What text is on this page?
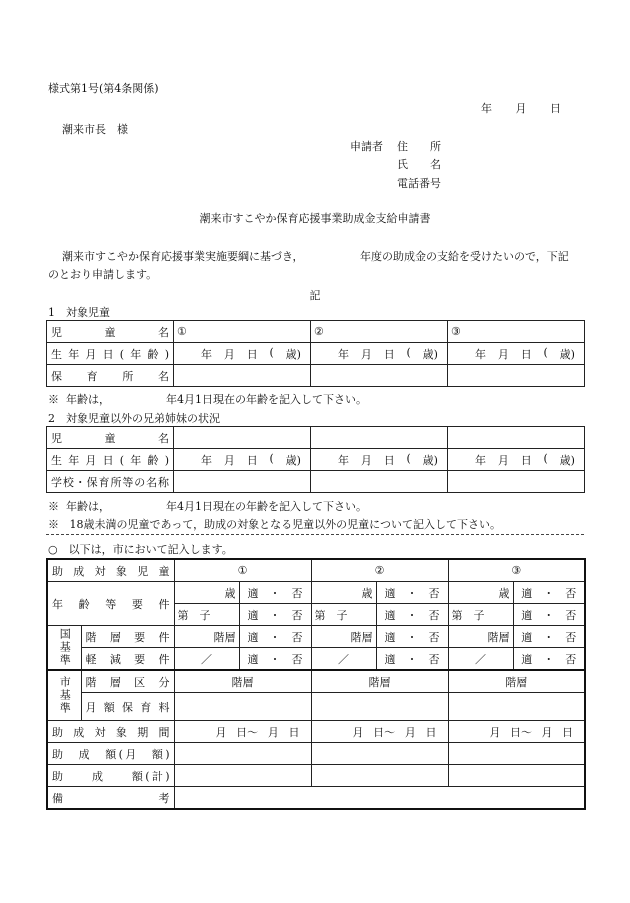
様式第1号(第4条関係)
年 月 日
潮来市長　様
申請者 住　　所
氏　　名
電話番号
潮来市すこやか保育応援事業助成金支給申請書
潮来市すこやか保育応援事業実施要綱に基づき，	年度の助成金の支給を受けたいので，下記
のとおり申請します。
記
1　対象児童
児　童　名	①	②	③
生年月日(年齢)	年 月 日 ( 歳)	年 月 日 ( 歳)	年 月 日 ( 歳)

保　育　所　名			
※ 年齢は，	年4月1日現在の年齢を記入して下さい。
2　対象児童以外の兄弟姉妹の状況
児　童　名			
生年月日(年齢)	年 月 日 ( 歳)	年 月 日 ( 歳)	年 月 日 ( 歳)

学校・保育所等の名称			
※ 年齢は，	年4月1日現在の年齢を記入して下さい。
※ 18歳未満の児童であって，助成の対象となる児童以外の児童について記入して下さい。
○　以下は，市において記入します。
助成対象児童		①		②		③	
年齢等要件		歳	適　・　否	歳	適　・　否	歳	適　・　否
		第　子	適　・　否	第　子	適　・　否	第　子	適　・　否
国基準	階層要件	階層	適　・　否	階層	適　・　否	階層	適　・　否
	軽減要件	／	適　・　否	／	適　・　否	／	適　・　否
市基準	階層区分	階層		階層		階層	
	月額保育料						
助成対象期間		月 日〜 月 日		月 日〜 月 日		月 日〜 月 日	

助　成　額(月　額)							
助　　成　　額(計)							
備　　考							
